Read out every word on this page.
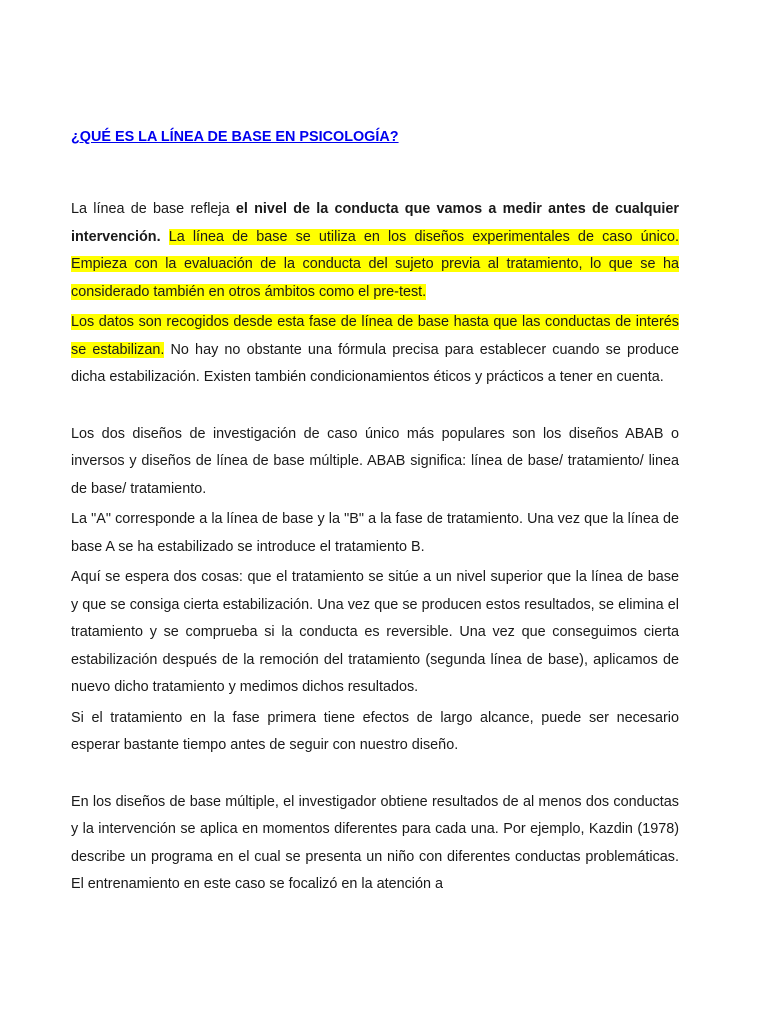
¿QUÉ ES LA LÍNEA DE BASE EN PSICOLOGÍA?

La línea de base refleja el nivel de la conducta que vamos a medir antes de cualquier intervención. La línea de base se utiliza en los diseños experimentales de caso único. Empieza con la evaluación de la conducta del sujeto previa al tratamiento, lo que se ha considerado también en otros ámbitos como el pre-test.

Los datos son recogidos desde esta fase de línea de base hasta que las conductas de interés se estabilizan. No hay no obstante una fórmula precisa para establecer cuando se produce dicha estabilización. Existen también condicionamientos éticos y prácticos a tener en cuenta.

Los dos diseños de investigación de caso único más populares son los diseños ABAB o inversos y diseños de línea de base múltiple. ABAB significa: línea de base/ tratamiento/ linea de base/ tratamiento.

La "A" corresponde a la línea de base y la "B" a la fase de tratamiento. Una vez que la línea de base A se ha estabilizado se introduce el tratamiento B.

Aquí se espera dos cosas: que el tratamiento se sitúe a un nivel superior que la línea de base y que se consiga cierta estabilización. Una vez que se producen estos resultados, se elimina el tratamiento y se comprueba si la conducta es reversible. Una vez que conseguimos cierta estabilización después de la remoción del tratamiento (segunda línea de base), aplicamos de nuevo dicho tratamiento y medimos dichos resultados.

Si el tratamiento en la fase primera tiene efectos de largo alcance, puede ser necesario esperar bastante tiempo antes de seguir con nuestro diseño.

En los diseños de base múltiple, el investigador obtiene resultados de al menos dos conductas y la intervención se aplica en momentos diferentes para cada una. Por ejemplo, Kazdin (1978) describe un programa en el cual se presenta un niño con diferentes conductas problemáticas. El entrenamiento en este caso se focalizó en la atención a
